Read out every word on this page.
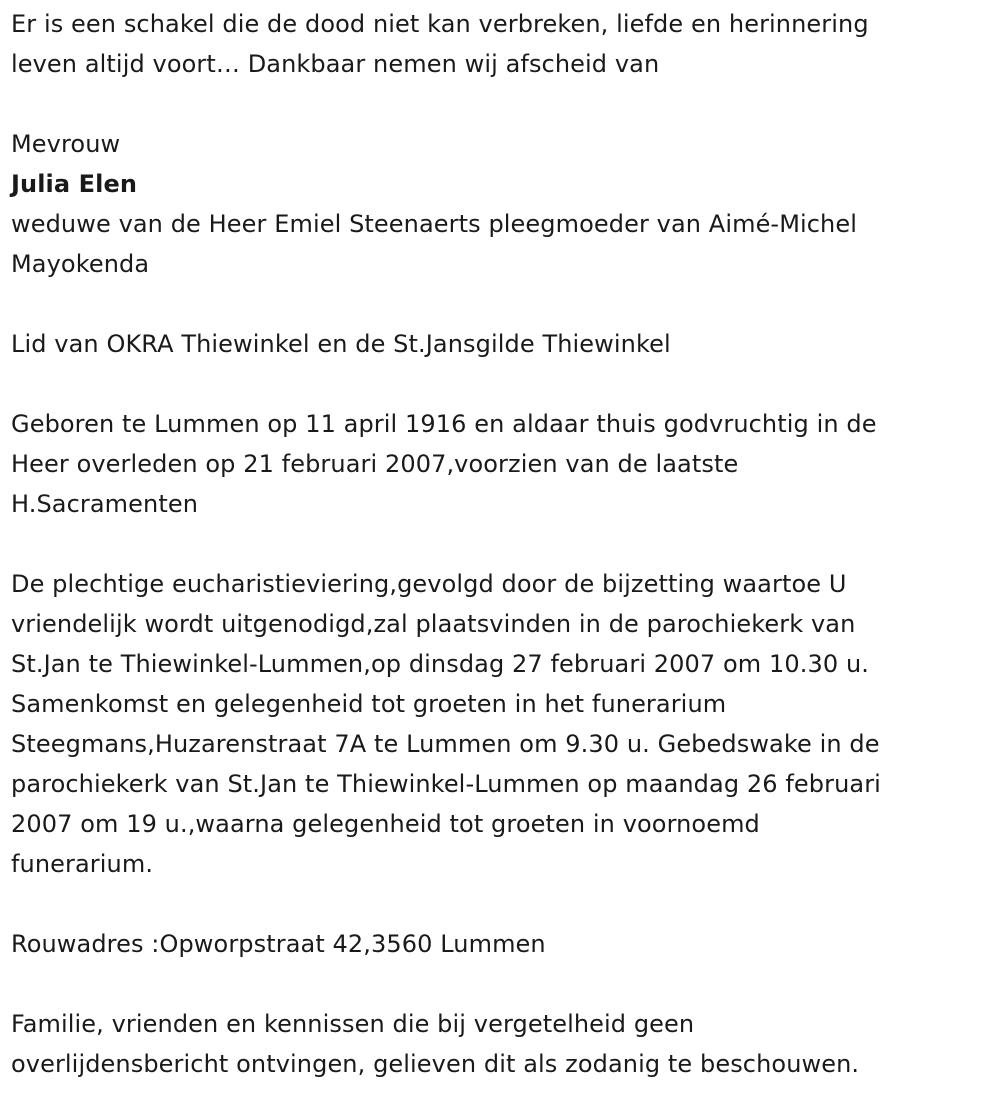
Er is een schakel die de dood niet kan verbreken, liefde en herinnering
leven altijd voort… Dankbaar nemen wij afscheid van
Mevrouw
Julia Elen
weduwe van de Heer Emiel Steenaerts pleegmoeder van Aimé-Michel
Mayokenda
Lid van OKRA Thiewinkel en de St.Jansgilde Thiewinkel
Geboren te Lummen op 11 april 1916 en aldaar thuis godvruchtig in de
Heer overleden op 21 februari 2007,voorzien van de laatste
H.Sacramenten
De plechtige eucharistieviering,gevolgd door de bijzetting waartoe U
vriendelijk wordt uitgenodigd,zal plaatsvinden in de parochiekerk van
St.Jan te Thiewinkel-Lummen,op dinsdag 27 februari 2007 om 10.30 u.
Samenkomst en gelegenheid tot groeten in het funerarium
Steegmans,Huzarenstraat 7A te Lummen om 9.30 u. Gebedswake in de
parochiekerk van St.Jan te Thiewinkel-Lummen op maandag 26 februari
2007 om 19 u.,waarna gelegenheid tot groeten in voornoemd
funerarium.
Rouwadres :Opworpstraat 42,3560 Lummen
Familie, vrienden en kennissen die bij vergetelheid geen
overlijdensbericht ontvingen, gelieven dit als zodanig te beschouwen.
